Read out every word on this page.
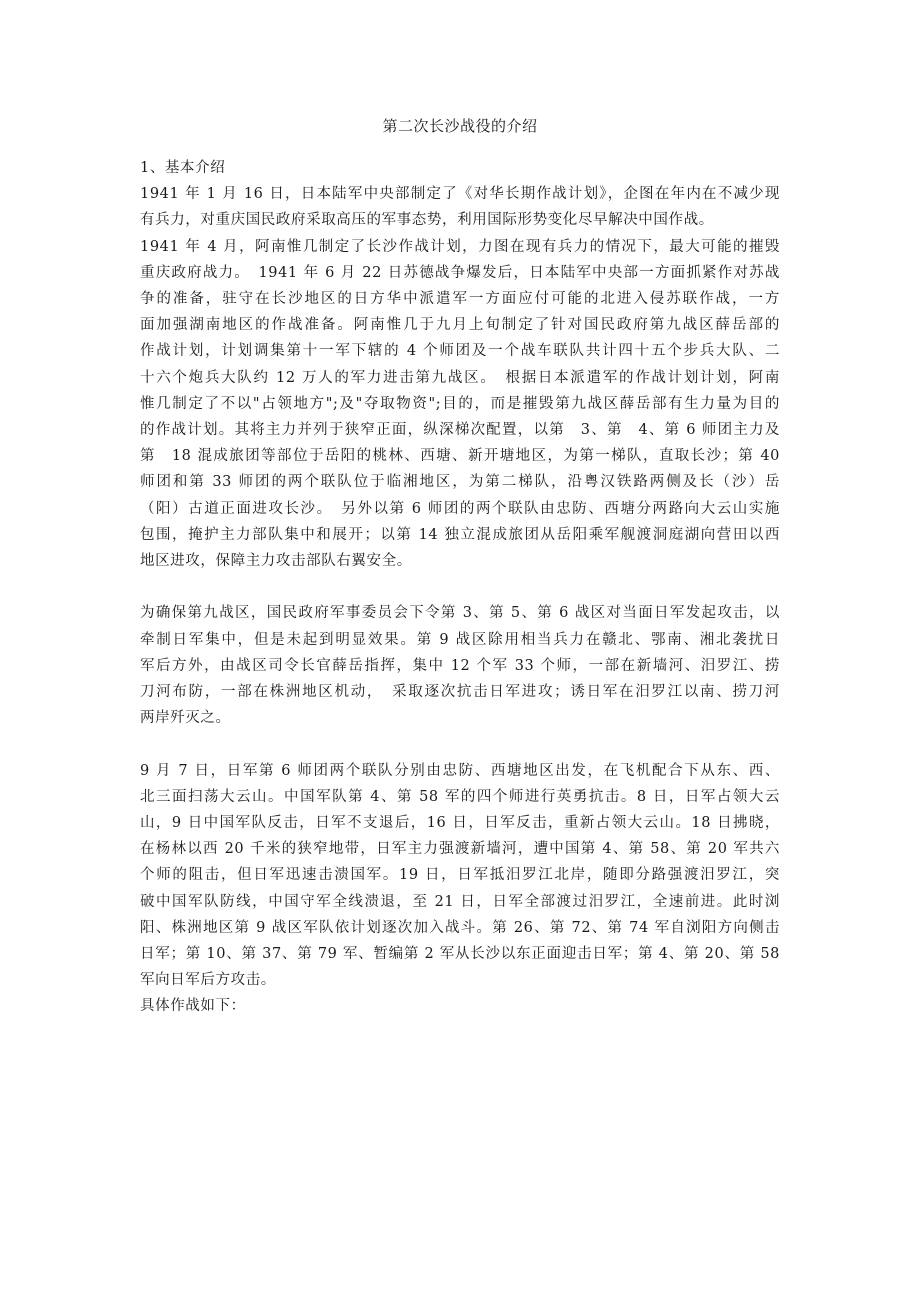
第二次长沙战役的介绍
1、基本介绍
1941 年 1 月 16 日，日本陆军中央部制定了《对华长期作战计划》，企图在年内在不减少现
有兵力，对重庆国民政府采取高压的军事态势，利用国际形势变化尽早解决中国作战。
1941 年 4 月，阿南惟几制定了长沙作战计划，力图在现有兵力的情况下，最大可能的摧毁
重庆政府战力。　1941 年 6 月 22 日苏德战争爆发后，日本陆军中央部一方面抓紧作对苏战
争的准备，驻守在长沙地区的日方华中派遣军一方面应付可能的北进入侵苏联作战，一方
面加强湖南地区的作战准备。阿南惟几于九月上旬制定了针对国民政府第九战区薛岳部的
作战计划，计划调集第十一军下辖的 4 个师团及一个战车联队共计四十五个步兵大队、二
十六个炮兵大队约 12 万人的军力进击第九战区。　根据日本派遣军的作战计划计划，阿南
惟几制定了不以"占领地方";及"夺取物资";目的，而是摧毁第九战区薛岳部有生力量为目的
的作战计划。其将主力并列于狭窄正面，纵深梯次配置，以第　3、第　4、第 6 师团主力及
第　18 混成旅团等部位于岳阳的桃林、西塘、新开塘地区，为第一梯队，直取长沙；第 40
师团和第 33 师团的两个联队位于临湘地区，为第二梯队，沿粤汉铁路两侧及长（沙）岳
（阳）古道正面进攻长沙。　另外以第 6 师团的两个联队由忠防、西塘分两路向大云山实施
包围，掩护主力部队集中和展开；以第 14 独立混成旅团从岳阳乘军舰渡洞庭湖向营田以西
地区进攻，保障主力攻击部队右翼安全。
为确保第九战区，国民政府军事委员会下令第 3、第 5、第 6 战区对当面日军发起攻击，以
牵制日军集中，但是未起到明显效果。第 9 战区除用相当兵力在赣北、鄂南、湘北袭扰日
军后方外，由战区司令长官薛岳指挥，集中 12 个军 33 个师，一部在新墙河、汨罗江、捞
刀河布防，一部在株洲地区机动，　采取逐次抗击日军进攻；诱日军在汨罗江以南、捞刀河
两岸歼灭之。
9 月 7 日，日军第 6 师团两个联队分别由忠防、西塘地区出发，在飞机配合下从东、西、
北三面扫荡大云山。中国军队第 4、第 58 军的四个师进行英勇抗击。8 日，日军占领大云
山，9 日中国军队反击，日军不支退后，16 日，日军反击，重新占领大云山。18 日拂晓，
在杨林以西 20 千米的狭窄地带，日军主力强渡新墙河，遭中国第 4、第 58、第 20 军共六
个师的阻击，但日军迅速击溃国军。19 日，日军抵汨罗江北岸，随即分路强渡汨罗江，突
破中国军队防线，中国守军全线溃退，至 21 日，日军全部渡过汨罗江，全速前进。此时浏
阳、株洲地区第 9 战区军队依计划逐次加入战斗。第 26、第 72、第 74 军自浏阳方向侧击
日军；第 10、第 37、第 79 军、暂编第 2 军从长沙以东正面迎击日军；第 4、第 20、第 58
军向日军后方攻击。
具体作战如下：
